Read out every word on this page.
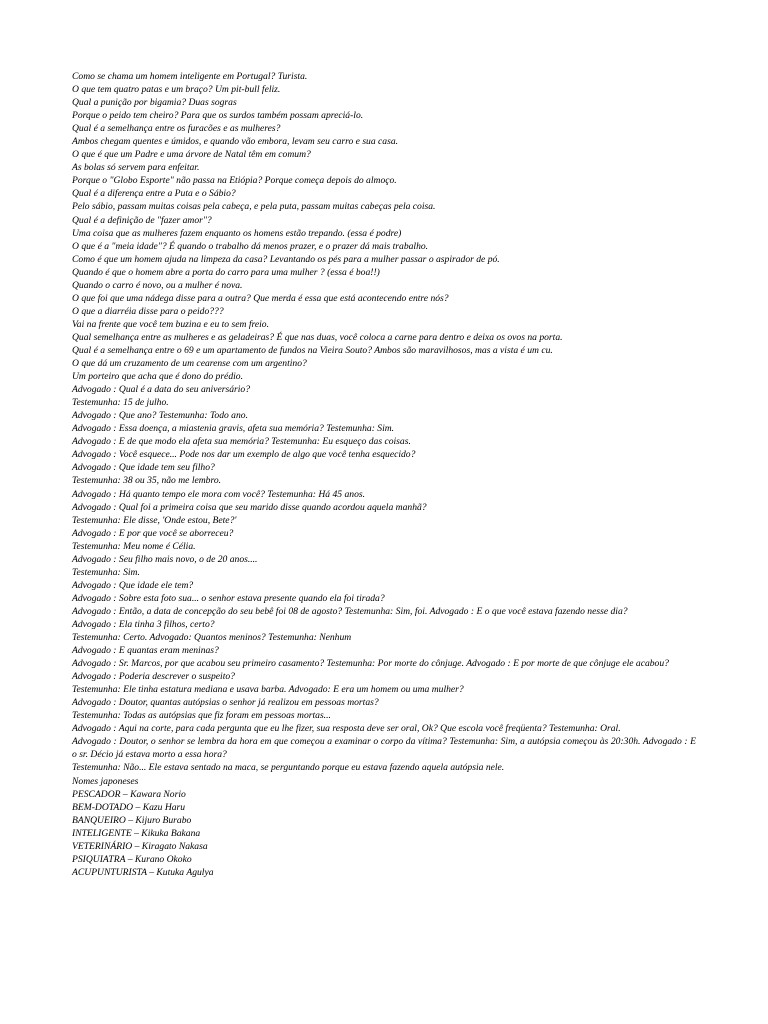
Como se chama um homem inteligente em Portugal? Turista.
O que tem quatro patas e um braço? Um pit-bull feliz.
Qual a punição por bigamia? Duas sogras
Porque o peido tem cheiro? Para que os surdos também possam apreciá-lo.
Qual é a semelhança entre os furacões e as mulheres?
Ambos chegam quentes e úmidos, e quando vão embora, levam seu carro e sua casa.
O que é que um Padre e uma árvore de Natal têm em comum?
As bolas só servem para enfeitar.
Porque o "Globo Esporte" não passa na Etiópia? Porque começa depois do almoço.
Qual é a diferença entre a Puta e o Sábio?
Pelo sábio, passam muitas coisas pela cabeça, e pela puta, passam muitas cabeças pela coisa.
Qual é a definição de "fazer amor"?
Uma coisa que as mulheres fazem enquanto os homens estão trepando. (essa é podre)
O que é a "meia idade"? É quando o trabalho dá menos prazer, e o prazer dá mais trabalho.
Como é que um homem ajuda na limpeza da casa? Levantando os pés para a mulher passar o aspirador de pó.
Quando é que o homem abre a porta do carro para uma mulher ? (essa é boa!!)
Quando o carro é novo, ou a mulher é nova.
O que foi que uma nádega disse para a outra? Que merda é essa que está acontecendo entre nós?
O que a diarréia disse para o peido???
Vai na frente que você tem buzina e eu to sem freio.
Qual semelhança entre as mulheres e as geladeiras? É que nas duas, você coloca a carne para dentro e deixa os ovos na porta.
Qual é a semelhança entre o 69 e um apartamento de fundos na Vieira Souto? Ambos são maravilhosos, mas a vista é um cu.
O que dá um cruzamento de um cearense com um argentino?
Um porteiro que acha que é dono do prédio.
Advogado : Qual é a data do seu aniversário?
Testemunha: 15 de julho.
Advogado : Que ano? Testemunha: Todo ano.
Advogado : Essa doença, a miastenia gravis, afeta sua memória? Testemunha: Sim.
Advogado : E de que modo ela afeta sua memória? Testemunha: Eu esqueço das coisas.
Advogado : Você esquece... Pode nos dar um exemplo de algo que você tenha esquecido?
Advogado : Que idade tem seu filho?
Testemunha: 38 ou 35, não me lembro.
Advogado : Há quanto tempo ele mora com você? Testemunha: Há 45 anos.
Advogado : Qual foi a primeira coisa que seu marido disse quando acordou aquela manhã?
Testemunha: Ele disse, 'Onde estou, Bete?'
Advogado : E por que você se aborreceu?
Testemunha: Meu nome é Célia.
Advogado : Seu filho mais novo, o de 20 anos....
Testemunha: Sim.
Advogado : Que idade ele tem?
Advogado : Sobre esta foto sua... o senhor estava presente quando ela foi tirada?
Advogado : Então, a data de concepção do seu bebê foi 08 de agosto? Testemunha: Sim, foi. Advogado : E o que você estava fazendo nesse dia?
Advogado : Ela tinha 3 filhos, certo?
Testemunha: Certo. Advogado: Quantos meninos? Testemunha: Nenhum
Advogado : E quantas eram meninas?
Advogado : Sr. Marcos, por que acabou seu primeiro casamento? Testemunha: Por morte do cônjuge. Advogado : E por morte de que cônjuge ele acabou?
Advogado : Poderia descrever o suspeito?
Testemunha: Ele tinha estatura mediana e usava barba. Advogado: E era um homem ou uma mulher?
Advogado : Doutor, quantas autópsias o senhor já realizou em pessoas mortas?
Testemunha: Todas as autópsias que fiz foram em pessoas mortas...
Advogado : Aqui na corte, para cada pergunta que eu lhe fizer, sua resposta deve ser oral, Ok? Que escola você freqüenta? Testemunha: Oral.
Advogado : Doutor, o senhor se lembra da hora em que começou a examinar o corpo da vítima? Testemunha: Sim, a autópsia começou às 20:30h. Advogado : E o sr. Décio já estava morto a essa hora?
Testemunha: Não... Ele estava sentado na maca, se perguntando porque eu estava fazendo aquela autópsia nele.
Nomes japoneses
PESCADOR – Kawara Norio
BEM-DOTADO – Kazu Haru
BANQUEIRO – Kijuro Burabo
INTELIGENTE – Kikuka Bakana
VETERINÁRIO – Kiragato Nakasa
PSIQUIATRA – Kurano Okoko
ACUPUNTURISTA – Kutuka Agulya
